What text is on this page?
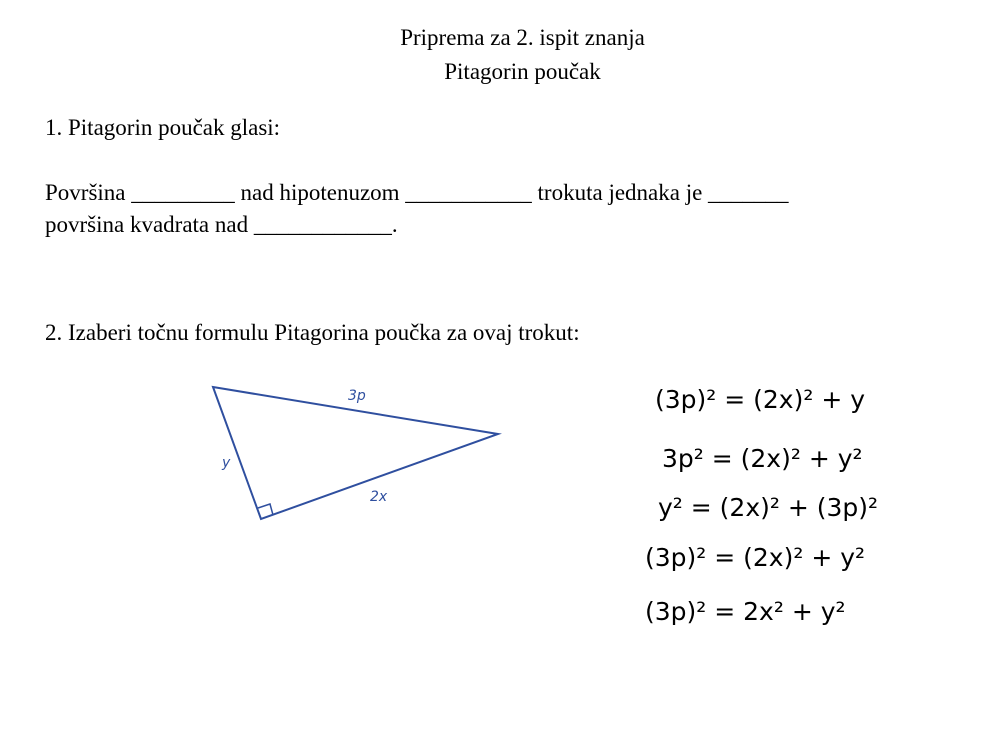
Priprema za 2. ispit znanja
Pitagorin poučak
1. Pitagorin poučak glasi:
Površina _________ nad hipotenuzom ___________ trokuta jednaka je _______
površina kvadrata nad ____________.
2. Izaberi točnu formulu Pitagorina poučka za ovaj trokut:
3p
y
2x
(3p)² = (2x)² + y
3p² = (2x)² + y²
y² = (2x)² + (3p)²
(3p)² = (2x)² + y²
(3p)² = 2x² + y²
